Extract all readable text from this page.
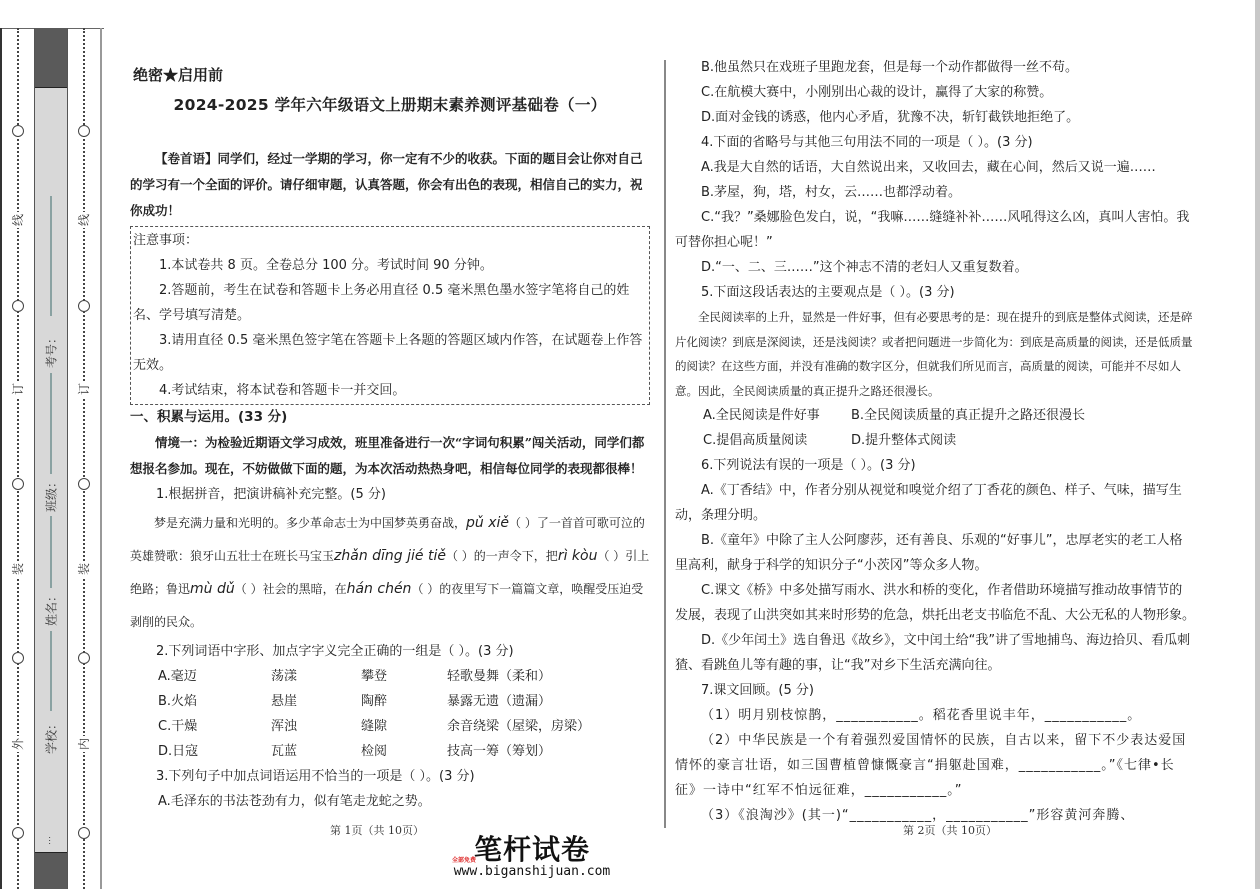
线
订
装
外
考号：
班级：
姓名：
学校：
…
线
订
装
内
绝密★启用前
2024-2025 学年六年级语文上册期末素养测评基础卷（一）
【卷首语】同学们，经过一学期的学习，你一定有不少的收获。下面的题目会让你对自己的学习有一个全面的评价。请仔细审题，认真答题，你会有出色的表现，相信自己的实力，祝你成功！

注意事项：

1.本试卷共 8 页。全卷总分 100 分。考试时间 90 分钟。

2.答题前，考生在试卷和答题卡上务必用直径 0.5 毫米黑色墨水签字笔将自己的姓名、学号填写清楚。

3.请用直径 0.5 毫米黑色签字笔在答题卡上各题的答题区域内作答，在试题卷上作答无效。

4.考试结束，将本试卷和答题卡一并交回。

一、积累与运用。(33 分)
情境一：为检验近期语文学习成效，班里准备进行一次“字词句积累”闯关活动，同学们都想报名参加。现在，不妨做做下面的题，为本次活动热热身吧，相信每位同学的表现都很棒！

1.根据拼音，把演讲稿补充完整。(5 分)

梦是充满力量和光明的。多少革命志士为中国梦英勇奋战，pǔ xiě（ ）了一首首可歌可泣的英雄赞歌：狼牙山五壮士在班长马宝玉zhǎn dīng jié tiě（ ）的一声令下，把rì kòu（ ）引上绝路；鲁迅mù dǔ（ ）社会的黑暗，在hán chén（ ）的夜里写下一篇篇文章，唤醒受压迫受剥削的民众。

2.下列词语中字形、加点字字义完全正确的一组是（ ）。(3 分)

A.毫迈	荡漾	攀登	轻歌曼舞（柔和）
B.火焰	悬崖	陶醉	暴露无遗（遗漏）
C.干燥	浑浊	缝隙	余音绕梁（屋梁，房梁）
D.日寇	瓦蓝	检阅	技高一筹（筹划）

3.下列句子中加点词语运用不恰当的一项是（ ）。(3 分)

A.毛泽东的书法苍劲有力，似有笔走龙蛇之势。

第 1页（共 10页）

B.他虽然只在戏班子里跑龙套，但是每一个动作都做得一丝不苟。

C.在航模大赛中，小刚别出心裁的设计，赢得了大家的称赞。

D.面对金钱的诱惑，他内心矛盾，犹豫不决，斩钉截铁地拒绝了。

4.下面的省略号与其他三句用法不同的一项是（ ）。(3 分)

A.我是大自然的话语，大自然说出来，又收回去，藏在心间，然后又说一遍……

B.茅屋，狗，塔，村女，云……也都浮动着。

C.“我？”桑娜脸色发白，说，“我嘛……缝缝补补……风吼得这么凶，真叫人害怕。我可替你担心呢！”

D.“一、二、三……”这个神志不清的老妇人又重复数着。

5.下面这段话表达的主要观点是（ ）。(3 分)

全民阅读率的上升，显然是一件好事，但有必要思考的是：现在提升的到底是整体式阅读，还是碎片化阅读？到底是深阅读，还是浅阅读？或者把问题进一步简化为：到底是高质量的阅读，还是低质量的阅读？在这些方面，并没有准确的数字区分，但就我们所见而言，高质量的阅读，可能并不尽如人意。因此，全民阅读质量的真正提升之路还很漫长。

A.全民阅读是件好事	B.全民阅读质量的真正提升之路还很漫长
C.提倡高质量阅读	D.提升整体式阅读

6.下列说法有误的一项是（ ）。(3 分)

A.《丁香结》中，作者分别从视觉和嗅觉介绍了丁香花的颜色、样子、气味，描写生动，条理分明。

B.《童年》中除了主人公阿廖莎，还有善良、乐观的“好事儿”，忠厚老实的老工人格里高利，献身于科学的知识分子“小茨冈”等众多人物。

C.课文《桥》中多处描写雨水、洪水和桥的变化，作者借助环境描写推动故事情节的发展，表现了山洪突如其来时形势的危急，烘托出老支书临危不乱、大公无私的人物形象。

D.《少年闰土》选自鲁迅《故乡》，文中闰土给“我”讲了雪地捕鸟、海边拾贝、看瓜刺猹、看跳鱼儿等有趣的事，让“我”对乡下生活充满向往。

7.课文回顾。(5 分)

（1）明月别枝惊鹊，___________。稻花香里说丰年，___________。

（2）中华民族是一个有着强烈爱国情怀的民族，自古以来，留下不少表达爱国情怀的豪言壮语，如三国曹植曾慷慨豪言“捐躯赴国难，___________。”《七律•长征》一诗中“红军不怕远征难，___________。”

（3）《浪淘沙》(其一)“___________，___________”形容黄河奔腾、

第 2页（共 10页）
全部免费
笔杆试卷
www.biganshijuan.com
